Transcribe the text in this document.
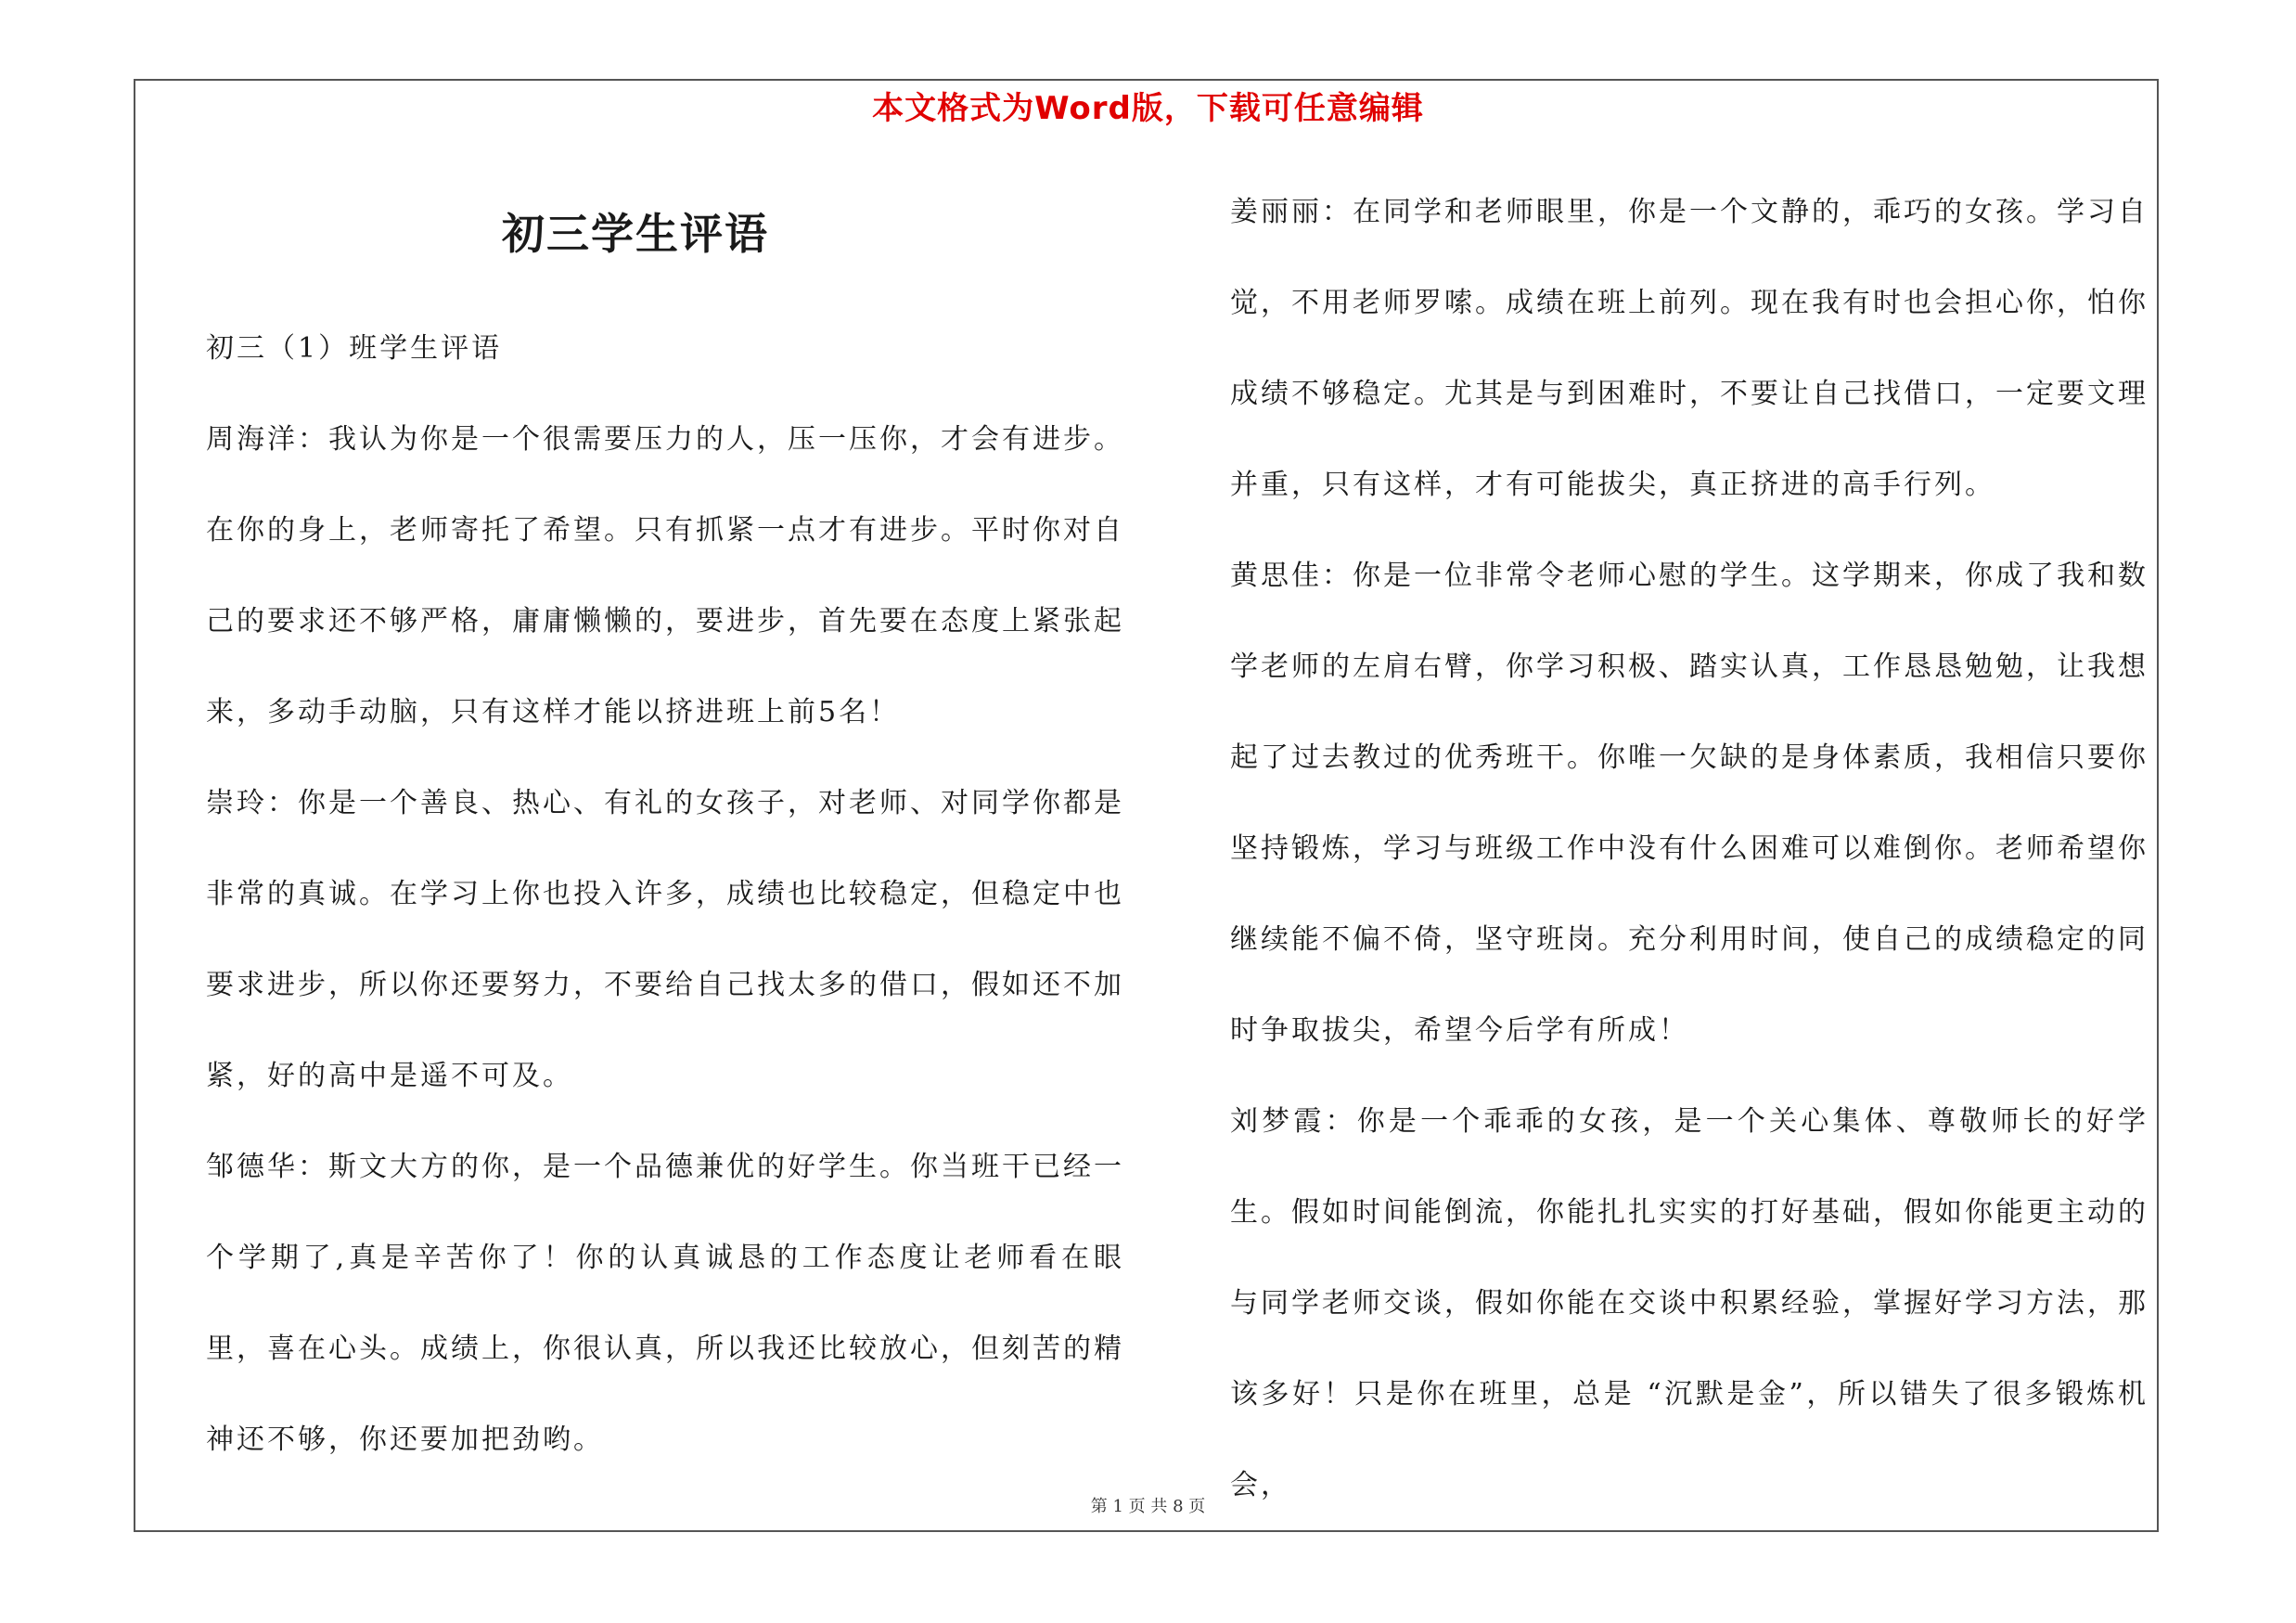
本文格式为Word版，下载可任意编辑
初三学生评语

初三（1）班学生评语

周海洋：我认为你是一个很需要压力的人，压一压你，才会有进步。在你的身上，老师寄托了希望。只有抓紧一点才有进步。平时你对自己的要求还不够严格，庸庸懒懒的，要进步，首先要在态度上紧张起来，多动手动脑，只有这样才能以挤进班上前5名！

崇玲：你是一个善良、热心、有礼的女孩子，对老师、对同学你都是非常的真诚。在学习上你也投入许多，成绩也比较稳定，但稳定中也要求进步，所以你还要努力，不要给自己找太多的借口，假如还不加紧，好的高中是遥不可及。

邹德华：斯文大方的你，是一个品德兼优的好学生。你当班干已经一个学期了,真是辛苦你了！你的认真诚恳的工作态度让老师看在眼里，喜在心头。成绩上，你很认真，所以我还比较放心，但刻苦的精神还不够，你还要加把劲哟。

姜丽丽：在同学和老师眼里，你是一个文静的，乖巧的女孩。学习自觉，不用老师罗嗦。成绩在班上前列。现在我有时也会担心你，怕你成绩不够稳定。尤其是与到困难时，不要让自己找借口，一定要文理并重，只有这样，才有可能拔尖，真正挤进的高手行列。

黄思佳：你是一位非常令老师心慰的学生。这学期来，你成了我和数学老师的左肩右臂，你学习积极、踏实认真，工作恳恳勉勉，让我想起了过去教过的优秀班干。你唯一欠缺的是身体素质，我相信只要你坚持锻炼，学习与班级工作中没有什么困难可以难倒你。老师希望你继续能不偏不倚，坚守班岗。充分利用时间，使自己的成绩稳定的同时争取拔尖，希望今后学有所成！

刘梦霞：你是一个乖乖的女孩，是一个关心集体、尊敬师长的好学生。假如时间能倒流，你能扎扎实实的打好基础，假如你能更主动的与同学老师交谈，假如你能在交谈中积累经验，掌握好学习方法，那该多好！只是你在班里，总是 “沉默是金”，所以错失了很多锻炼机会，

第 1 页 共 8 页
